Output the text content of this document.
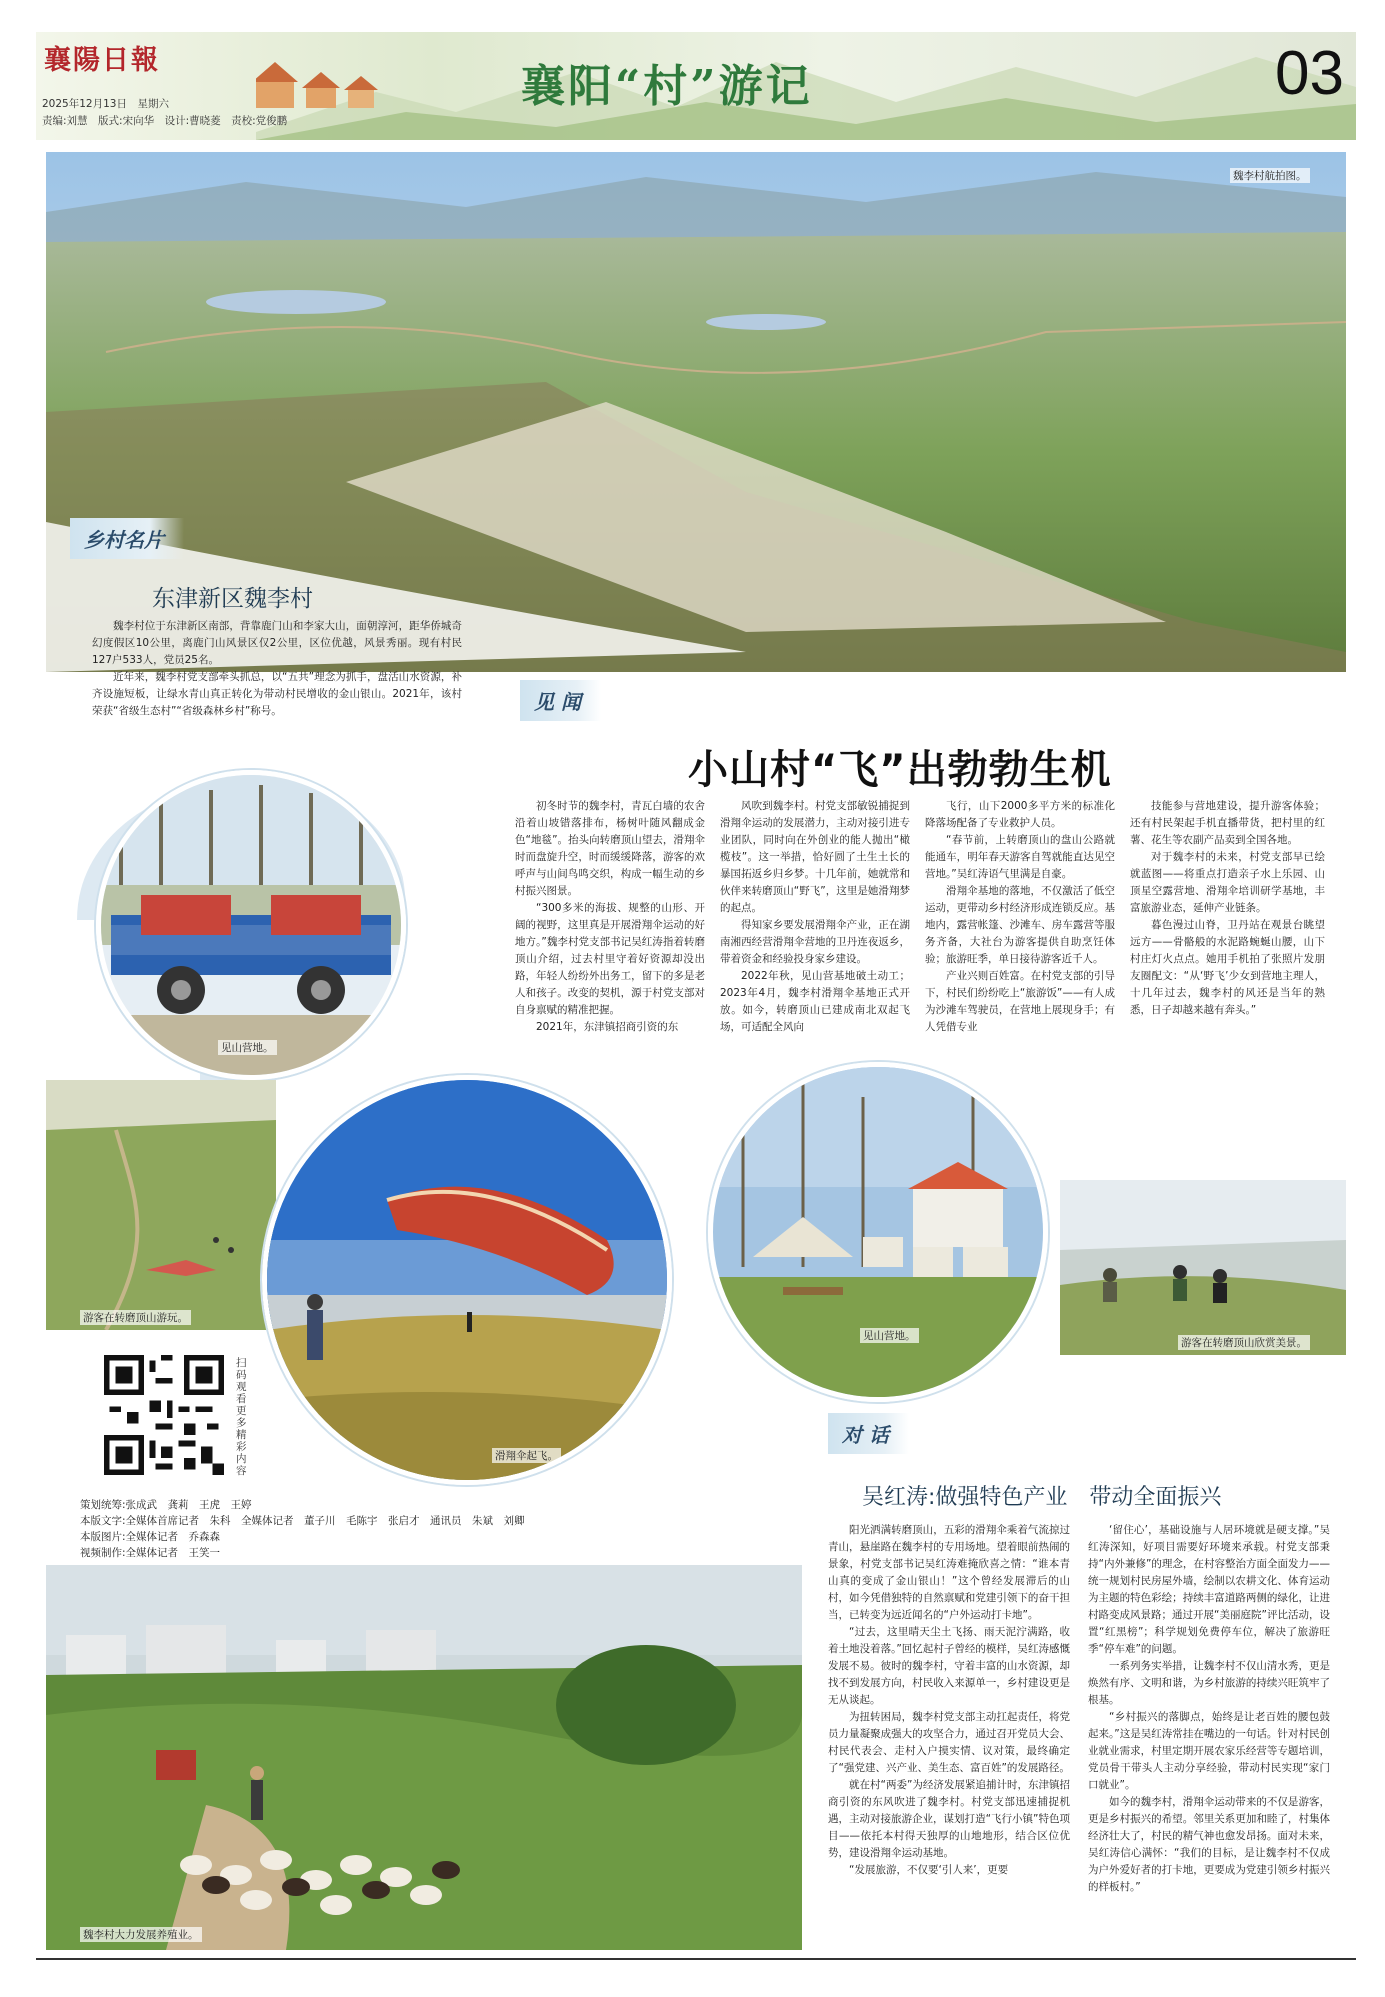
襄陽日報
2025年12月13日　星期六
责编:刘慧　版式:宋向华　设计:曹晓菱　责校:党俊鹏
襄阳“村”游记	03
魏李村航拍图。
乡村名片
东津新区魏李村

魏李村位于东津新区南部，背靠鹿门山和李家大山，面朝淳河，距华侨城奇幻度假区10公里，离鹿门山风景区仅2公里，区位优越，风景秀丽。现有村民127户533人，党员25名。

近年来，魏李村党支部牵头抓总，以“五共”理念为抓手，盘活山水资源，补齐设施短板，让绿水青山真正转化为带动村民增收的金山银山。2021年，该村荣获“省级生态村”“省级森林乡村”称号。	见 闻
小山村“飞”出勃勃生机

初冬时节的魏李村，青瓦白墙的农舍沿着山坡错落排布，杨树叶随风翻成金色“地毯”。抬头向转磨顶山望去，滑翔伞时而盘旋升空，时而缓缓降落，游客的欢呼声与山间鸟鸣交织，构成一幅生动的乡村振兴图景。

“300多米的海拔、规整的山形、开阔的视野，这里真是开展滑翔伞运动的好地方。”魏李村党支部书记吴红涛指着转磨顶山介绍，过去村里守着好资源却没出路，年轻人纷纷外出务工，留下的多是老人和孩子。改变的契机，源于村党支部对自身禀赋的精准把握。

2021年，东津镇招商引资的东

风吹到魏李村。村党支部敏锐捕捉到滑翔伞运动的发展潜力，主动对接引进专业团队，同时向在外创业的能人抛出“橄榄枝”。这一举措，恰好圆了土生土长的暴国拓返乡归乡梦。十几年前，她就常和伙伴来转磨顶山“野飞”，这里是她滑翔梦的起点。

得知家乡要发展滑翔伞产业，正在湖南湘西经营滑翔伞营地的卫丹连夜返乡，带着资金和经验投身家乡建设。

2022年秋，见山营基地破土动工；2023年4月，魏李村滑翔伞基地正式开放。如今，转磨顶山已建成南北双起飞场，可适配全风向

飞行，山下2000多平方米的标准化降落场配备了专业救护人员。

“春节前，上转磨顶山的盘山公路就能通车，明年春天游客自驾就能直达见空营地。”吴红涛语气里满是自豪。

滑翔伞基地的落地，不仅激活了低空运动，更带动乡村经济形成连锁反应。基地内，露营帐篷、沙滩车、房车露营等服务齐备，大社台为游客提供自助烹饪体验；旅游旺季，单日接待游客近千人。

产业兴则百姓富。在村党支部的引导下，村民们纷纷吃上“旅游饭”——有人成为沙滩车驾驶员，在营地上展现身手；有人凭借专业

技能参与营地建设，提升游客体验；还有村民架起手机直播带货，把村里的红薯、花生等农副产品卖到全国各地。

对于魏李村的未来，村党支部早已绘就蓝图——将重点打造亲子水上乐园、山顶星空露营地、滑翔伞培训研学基地，丰富旅游业态，延伸产业链条。

暮色漫过山脊，卫丹站在观景台眺望远方——骨骼般的水泥路蜿蜒山腰，山下村庄灯火点点。她用手机拍了张照片发朋友圈配文：“从‘野飞’少女到营地主理人，十几年过去，魏李村的风还是当年的熟悉，日子却越来越有奔头。”

见山营地。
游客在转磨顶山游玩。
滑翔伞起飞。
见山营地。
游客在转磨顶山欣赏美景。
扫码观看更多精彩内容
策划统筹:张成武　龚莉　王虎　王婷
本版文字:全媒体首席记者　朱科　全媒体记者　董子川　毛陈宇　张启才　通讯员　朱斌　刘卿
本版图片:全媒体记者　乔森森
视频制作:全媒体记者　王笑一
魏李村大力发展养殖业。
对 话
吴红涛:做强特色产业　带动全面振兴

阳光洒满转磨顶山，五彩的滑翔伞乘着气流掠过青山，悬崖路在魏李村的专用场地。望着眼前热闹的景象，村党支部书记吴红涛难掩欣喜之情：“谁本青山真的变成了金山银山！”这个曾经发展滞后的山村，如今凭借独特的自然禀赋和党建引领下的奋干担当，已转变为远近闻名的“户外运动打卡地”。

“过去，这里晴天尘土飞扬、雨天泥泞满路，收着土地没着落。”回忆起村子曾经的模样，吴红涛感慨发展不易。彼时的魏李村，守着丰富的山水资源，却找不到发展方向，村民收入来源单一，乡村建设更是无从谈起。

为扭转困局，魏李村党支部主动扛起责任，将党员力量凝聚成强大的攻坚合力，通过召开党员大会、村民代表会、走村入户摸实情、议对策，最终确定了“强党建、兴产业、美生态、富百姓”的发展路径。

就在村“两委”为经济发展紧追捕计时，东津镇招商引资的东风吹进了魏李村。村党支部迅速捕捉机遇，主动对接旅游企业，谋划打造“飞行小镇”特色项目——依托本村得天独厚的山地地形，结合区位优势，建设滑翔伞运动基地。

“发展旅游，不仅要‘引人来’，更要

‘留住心’，基础设施与人居环境就是硬支撑。”吴红涛深知，好项目需要好环境来承载。村党支部秉持“内外兼修”的理念，在村容整治方面全面发力——统一规划村民房屋外墙，绘制以农耕文化、体育运动为主题的特色彩绘；持续丰富道路两侧的绿化，让进村路变成风景路；通过开展“美丽庭院”评比活动，设置“红黑榜”；科学规划免费停车位，解决了旅游旺季“停车难”的问题。

一系列务实举措，让魏李村不仅山清水秀，更是焕然有序、文明和谐，为乡村旅游的持续兴旺筑牢了根基。

“乡村振兴的落脚点，始终是让老百姓的腰包鼓起来。”这是吴红涛常挂在嘴边的一句话。针对村民创业就业需求，村里定期开展农家乐经营等专题培训，党员骨干带头人主动分享经验，带动村民实现“家门口就业”。

如今的魏李村，滑翔伞运动带来的不仅是游客，更是乡村振兴的希望。邻里关系更加和睦了，村集体经济壮大了，村民的精气神也愈发昂扬。面对未来，吴红涛信心满怀：“我们的目标，是让魏李村不仅成为户外爱好者的打卡地，更要成为党建引领乡村振兴的样板村。”
